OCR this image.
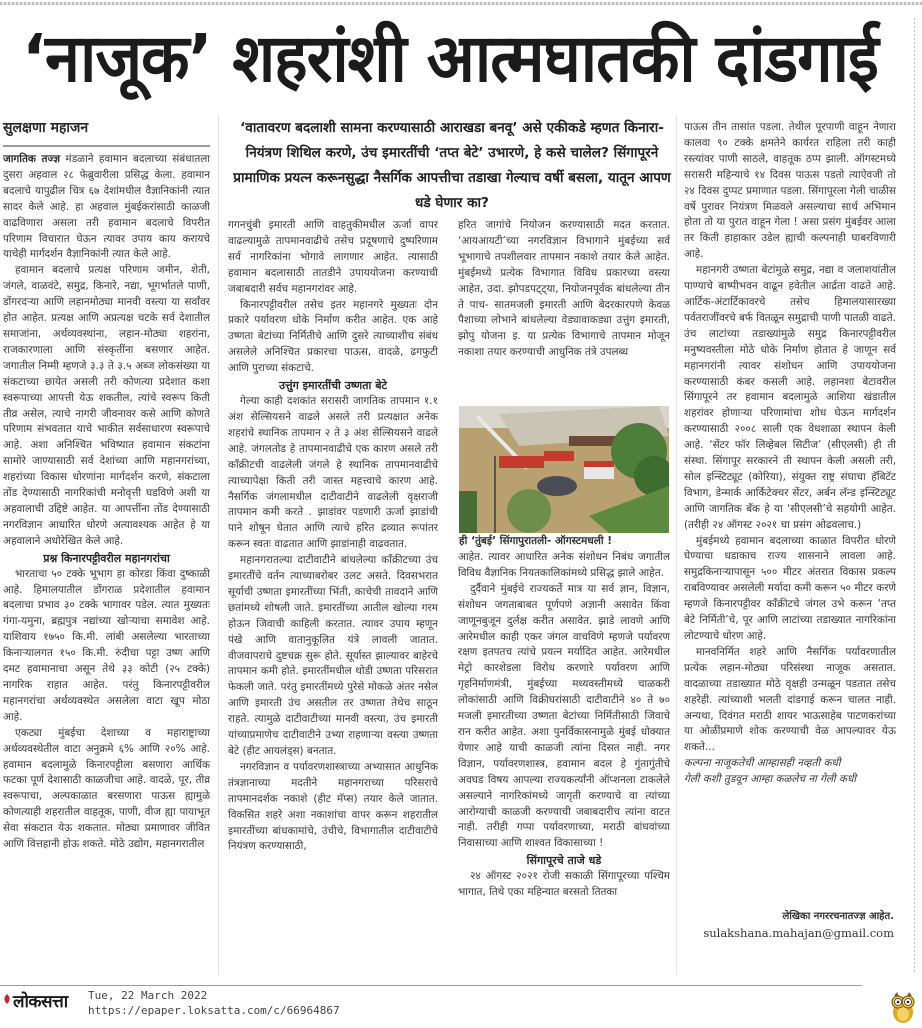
‘नाजूक’ शहरांशी आत्मघातकी दांडगाई
सुलक्षणा महाजन	‘वातावरण बदलाशी सामना करण्यासाठी आराखडा बनवू’ असे एकीकडे म्हणत किनारा-नियंत्रण शिथिल करणे, उंच इमारतींची ‘तप्त बेटे’ उभारणे, हे कसे चालेल? सिंगापूरने प्रामाणिक प्रयत्न करूनसुद्धा नैसर्गिक आपत्तीचा तडाखा गेल्याच वर्षी बसला, यातून आपण धडे घेणार का?

जागतिक तज्ज्ञ मंडळाने हवामान बदलाच्या संबंधातला दुसरा अहवाल २८ फेब्रुवारीला प्रसिद्ध केला. हवामान बदलाचे यापुढील चित्र ६७ देशांमधील वैज्ञानिकांनी त्यात सादर केले आहे. हा अहवाल मुंबईकरांसाठी काळजी वाढविणारा असला तरी हवामान बदलाचे विपरीत परिणाम विचारात घेऊन त्यावर उपाय काय करायचे याचेही मार्गदर्शन वैज्ञानिकांनी त्यात केले आहे.

हवामान बदलाचे प्रत्यक्ष परिणाम जमीन, शेती, जंगले, वाळवंटे, समुद्र, किनारे, नद्या, भूगर्भातले पाणी, डोंगरदऱ्या आणि लहानमोठ्या मानवी वस्त्या या सर्वांवर होत आहेत. प्रत्यक्ष आणि अप्रत्यक्ष चटके सर्व देशातील समाजांना, अर्थव्यवस्थांना, लहान-मोठ्या शहरांना, राजकारणाला आणि संस्कृतींना बसणार आहेत. जगातील निम्मी म्हणजे ३.३ ते ३.५ अब्ज लोकसंख्या या संकटाच्या छायेत असली तरी कोणत्या प्रदेशात कशा स्वरूपाच्या आपत्ती येऊ शकतील, त्यांचे स्वरूप किती तीव्र असेल, त्याचे नागरी जीवनावर कसे आणि कोणते परिणाम संभवतात याचे भाकीत सर्वसाधारण स्वरूपाचे आहे. अशा अनिश्चित भविष्यात हवामान संकटांना सामोरे जाण्यासाठी सर्व देशांच्या आणि महानगरांच्या, शहरांच्या विकास धोरणांना मार्गदर्शन करणे, संकटाला तोंड देण्यासाठी नागरिकांची मनोवृत्ती घडविणे अशी या अहवालाची उद्दिष्टे आहेत. या आपत्तींना तोंड देण्यासाठी नगरविज्ञान आधारित धोरणे अत्यावश्यक आहेत हे या अहवालाने अधोरेखित केले आहे.

प्रश्न किनारपट्टीवरील महानगरांचा

भारताचा ५० टक्के भूभाग हा कोरडा किंवा दुष्काळी आहे. हिमालयातील डोंगराळ प्रदेशातील हवामान बदलाचा प्रभाव ३० टक्के भागावर पडेल. त्यात मुख्यतः गंगा-यमुना, ब्रह्मपुत्र नद्यांच्या खोऱ्याचा समावेश आहे. याशिवाय १७५० कि.मी. लांबी असलेल्या भारताच्या किनाऱ्यालगत १५० कि.मी. रुंदीचा पट्टा उष्ण आणि दमट हवामानाचा असून तेथे ३३ कोटी (२५ टक्के) नागरिक राहात आहेत. परंतु किनारपट्टीवरील महानगरांचा अर्थव्यवस्थेत असलेला वाटा खूप मोठा आहे.

एकट्या मुंबईचा देशाच्या व महाराष्ट्राच्या अर्थव्यवस्थेतील वाटा अनुक्रमे ६% आणि २०% आहे. हवामान बदलामुळे किनारपट्टीला बसणारा आर्थिक फटका पूर्ण देशासाठी काळजीचा आहे. वादळे, पूर, तीव्र स्वरूपाचा, अल्पकाळात बरसणारा पाऊस ह्यामुळे कोणत्याही शहरातील वाहतूक, पाणी, वीज ह्या पायाभूत सेवा संकटात येऊ शकतात. मोठ्या प्रमाणावर जीवित आणि वित्तहानी होऊ शकते. मोठे उद्योग, महानगरातील

गगनचुंबी इमारती आणि वाहतुकीमधील ऊर्जा वापर वाढल्यामुळे तापमानवाढीचे तसेच प्रदूषणाचे दुष्परिणाम सर्व नागरिकांना भोगावे लागणार आहेत. त्यासाठी हवामान बदलासाठी तातडीने उपाययोजना करण्याची जबाबदारी सर्वच महानगरांवर आहे.

किनारपट्टीवरील तसेच इतर महानगरे मुख्यतः दोन प्रकारे पर्यावरण धोके निर्माण करीत आहेत. एक आहे उष्णता बेटांच्या निर्मितीचे आणि दुसरे त्याच्याशीच संबंध असलेले अनिश्चित प्रकारचा पाऊस, वादळे, ढगफुटी आणि पुराच्या संकटाचे.

उत्तुंग इमारतींची उष्णता बेटे

गेल्या काही दशकांत सरासरी जागतिक तापमान १.१ अंश सेल्सियसने वाढले असले तरी प्रत्यक्षात अनेक शहरांचे स्थानिक तापमान २ ते ३ अंश सेल्सियसने वाढले आहे. जंगलतोड हे तापमानवाढीचे एक कारण असले तरी काँक्रीटची वाढलेली जंगले हे स्थानिक तापमानवाढीचे त्याच्यापेक्षा किती तरी जास्त महत्त्वाचे कारण आहे. नैसर्गिक जंगलामधील दाटीवाटीने वाढलेली वृक्षराजी तापमान कमी करते . झाडांवर पडणारी ऊर्जा झाडांची पाने शोषून घेतात आणि त्याचे हरित द्रव्यात रूपांतर करून स्वतः वाढतात आणि झाडांनाही वाढवतात.

महानगरातल्या दाटीवाटीने बांधलेल्या काँक्रीटच्या उंच इमारतींचे वर्तन त्याच्याबरोबर उलट असते. दिवसभरात सूर्याची उष्णता इमारतींच्या भिंती, काचेची तावदाने आणि छतांमध्ये शोषली जाते. इमारतींच्या आतील खोल्या गरम होऊन जिवाची काहिली करतात. त्यावर उपाय म्हणून पंखे आणि वातानुकूलित यंत्रे लावली जातात. वीजवापराचे दुष्टचक्र सुरू होते. सूर्यास्त झाल्यावर बाहेरचे तापमान कमी होते. इमारतींमधील थोडी उष्णता परिसरात फेकली जाते. परंतु इमारतींमध्ये पुरेसे मोकळे अंतर नसेल आणि इमारती उंच असतील तर उष्णता तेथेच साठून राहते. त्यामुळे दाटीवाटीच्या मानवी वस्त्या, उंच इमारती यांच्याप्रमाणेच दाटीवाटीने उभ्या राहणाऱ्या वस्त्या उष्णता बेटे (हीट आयलंड्स) बनतात.

नगरविज्ञान व पर्यावरणशास्त्राच्या अभ्यासात आधुनिक तंत्रज्ञानाच्या मदतीने महानगराच्या परिसराचे तापमानदर्शक नकाशे (हीट मॅप्स) तयार केले जातात. विकसित शहरे अशा नकाशांचा वापर करून शहरातील इमारतींच्या बांधकामांचे, उंचीचे, विभागातील दाटीवाटीचे नियंत्रण करण्यासाठी,

हरित जागांचे नियोजन करण्यासाठी मदत करतात. ‘आयआयटी’च्या नगरविज्ञान विभागाने मुंबईच्या सर्व भूभागाचे तपशीलवार तापमान नकाशे तयार केले आहेत. मुंबईमध्ये प्रत्येक विभागात विविध प्रकारच्या वस्त्या आहेत, उदा. झोपडपट्ट्या, नियोजनपूर्वक बांधलेल्या तीन ते पाच- सातमजली इमारती आणि बेदरकारपणे केवळ पैशाच्या लोभाने बांधलेल्या वेड्यावाकड्या उत्तुंग इमारती, झोपु योजना इ. या प्रत्येक विभागाचे तापमान मोजून नकाशा तयार करण्याची आधुनिक तंत्रे उपलब्ध

ही ‘तुंबई’ सिंगापुरातली- ऑगस्टमधली !

आहेत. त्यावर आधारित अनेक संशोधन निबंध जगातील विविध वैज्ञानिक नियतकालिकांमध्ये प्रसिद्ध झाले आहेत.

दुर्दैवाने मुंबईचे राज्यकर्ते मात्र या सर्व ज्ञान, विज्ञान, संशोधन जगताबाबत पूर्णपणे अज्ञानी असावेत किंवा जाणूनबुजून दुर्लक्ष करीत असावेत. झाडे लावणे आणि आरेमधील काही एकर जंगल वाचविणे म्हणजे पर्यावरण रक्षण इतपतच त्यांचे प्रयत्न मर्यादित आहेत. आरेमधील मेट्रो कारशेडला विरोध करणारे पर्यावरण आणि गृहनिर्माणमंत्री, मुंबईच्या मध्यवस्तीमध्ये चाळकरी लोकांसाठी आणि विक्रीघरांसाठी दाटीवाटीने ४० ते ७० मजली इमारतीच्या उष्णता बेटांच्या निर्मितीसाठी जिवाचे रान करीत आहेत. अशा पुनर्विकासनामुळे मुंबई धोक्यात येणार आहे याची काळजी त्यांना दिसत नाही. नगर विज्ञान, पर्यावरणशास्त्र, हवामान बदल हे गुंतागुंतीचे अवघड विषय आपल्या राज्यकर्त्यांनी ऑप्शनला टाकलेले असल्याने नागरिकांमध्ये जागृती करण्याचे वा त्यांच्या आरोग्याची काळजी करण्याची जबाबदारीच त्यांना वाटत नाही. तरीही गप्पा पर्यावरणाच्या, मराठी बांधवांच्या निवासाच्या आणि शाश्वत विकासाच्या !

सिंगापूरचे ताजे धडे

२४ ऑगस्ट २०२१ रोजी सकाळी सिंगापूरच्या पश्चिम भागात, तिथे एका महिन्यात बरसतो तितका

पाऊस तीन तासांत पडला. तेथील पूरपाणी वाहून नेणारा कालवा ९० टक्के क्षमतेने कार्यरत राहिला तरी काही रस्त्यांवर पाणी साठले, वाहतूक ठप्प झाली. ऑगस्टमध्ये सरासरी महिन्याचे १४ दिवस पाऊस पडतो त्याऐवजी तो २४ दिवस दुप्पट प्रमाणात पडला. सिंगापूरला गेली चाळीस वर्षे पुरावर नियंत्रण मिळवले असल्याचा सार्थ अभिमान होता तो या पुरात वाहून गेला ! असा प्रसंग मुंबईवर आला तर किती हाहाकार उडेल ह्याची कल्पनाही घाबरविणारी आहे.

महानगरी उष्णता बेटांमुळे समुद्र, नद्या व जलाशयांतील पाण्याचे बाष्पीभवन वाढून हवेतील आर्द्रता वाढते आहे. आर्टिक-अंटार्टिकावरचे तसेच हिमालयासारख्या पर्वतराजींवरचे बर्फ वितळून समुद्राची पाणी पातळी वाढते. उंच लाटांच्या तडाख्यांमुळे समुद्र किनारपट्टीवरील मनुष्यवस्तीला मोठे धोके निर्माण होतात हे जाणून सर्व महानगरांनी त्यावर संशोधन आणि उपाययोजना करण्यासाठी कंबर कसली आहे. लहानशा बेटावरील सिंगापूरने तर हवामान बदलामुळे आशिया खंडातील शहरांवर होणाऱ्या परिणामांचा शोध घेऊन मार्गदर्शन करण्यासाठी २००८ साली एक वेधशाळा स्थापन केली आहे. ‘सेंटर फॉर लिव्हेबल सिटीज’ (सीएलसी) ही ती संस्था. सिंगापूर सरकारने ती स्थापन केली असली तरी, सोल इन्स्टिट्यूट (कोरिया), संयुक्त राष्ट्र संघाचा हॅबिटॅट विभाग, डेन्मार्क आर्किटेक्चर सेंटर, अर्बन लॅन्ड इन्स्टिट्यूट आणि जागतिक बँक हे या ‘सीएलसी’चे सहयोगी आहेत. (तरीही २४ ऑगस्ट २०२१ चा प्रसंग ओढवलाच.)

मुंबईमध्ये हवामान बदलाच्या काळात विपरीत धोरणे घेण्याचा धडाकाच राज्य शासनाने लावला आहे. समुद्रकिनाऱ्यापासून ५०० मीटर अंतरात विकास प्रकल्प राबविण्यावर असलेली मर्यादा कमी करून ५० मीटर करणे म्हणजे किनारपट्टीवर काँक्रीटचे जंगल उभे करून ‘तप्त बेटे निर्मिती’चे, पूर आणि लाटांच्या तडाख्यात नागरिकांना लोटण्याचे धोरण आहे.

मानवनिर्मित शहरे आणि नैसर्गिक पर्यावरणातील प्रत्येक लहान-मोठ्या परिसंस्था नाजूक असतात. वादळाच्या तडाख्यात मोठे वृक्षही उन्मळून पडतात तसेच शहरेही. त्यांच्याशी भलती दांडगाई करून चालत नाही. अन्यथा, दिवंगत मराठी शायर भाऊसाहेब पाटणकरांच्या या ओळींप्रमाणे शोक करण्याची वेळ आपल्यावर येऊ शकते...

कल्पना नाजूकतेची आम्हासही नव्हती कधी

गेली कशी तुडवून आम्हा कळलेच ना गेली कधी

लेखिका नगररचनातज्ज्ञ आहेत.
sulakshana.mahajan@gmail.com
लोकसत्ता Tue, 22 March 2022
https://epaper.loksatta.com/c/66964867
